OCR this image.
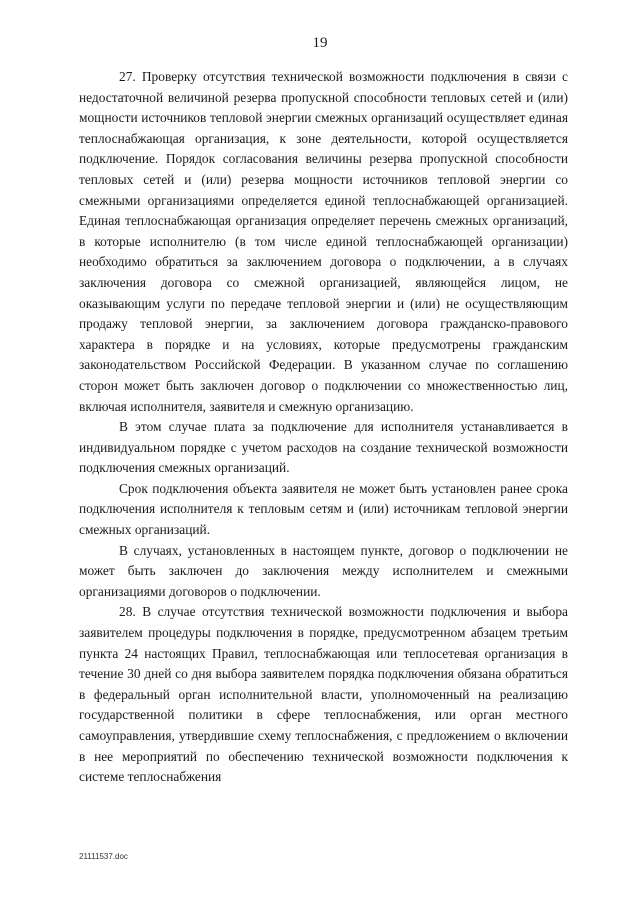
19

27. Проверку отсутствия технической возможности подключения в связи с недостаточной величиной резерва пропускной способности тепловых сетей и (или) мощности источников тепловой энергии смежных организаций осуществляет единая теплоснабжающая организация, к зоне деятельности, которой осуществляется подключение. Порядок согласования величины резерва пропускной способности тепловых сетей и (или) резерва мощности источников тепловой энергии со смежными организациями определяется единой теплоснабжающей организацией. Единая теплоснабжающая организация определяет перечень смежных организаций, в которые исполнителю (в том числе единой теплоснабжающей организации) необходимо обратиться за заключением договора о подключении, а в случаях заключения договора со смежной организацией, являющейся лицом, не оказывающим услуги по передаче тепловой энергии и (или) не осуществляющим продажу тепловой энергии, за заключением договора гражданско-правового характера в порядке и на условиях, которые предусмотрены гражданским законодательством Российской Федерации. В указанном случае по соглашению сторон может быть заключен договор о подключении со множественностью лиц, включая исполнителя, заявителя и смежную организацию.

В этом случае плата за подключение для исполнителя устанавливается в индивидуальном порядке с учетом расходов на создание технической возможности подключения смежных организаций.

Срок подключения объекта заявителя не может быть установлен ранее срока подключения исполнителя к тепловым сетям и (или) источникам тепловой энергии смежных организаций.

В случаях, установленных в настоящем пункте, договор о подключении не может быть заключен до заключения между исполнителем и смежными организациями договоров о подключении.

28. В случае отсутствия технической возможности подключения и выбора заявителем процедуры подключения в порядке, предусмотренном абзацем третьим пункта 24 настоящих Правил, теплоснабжающая или теплосетевая организация в течение 30 дней со дня выбора заявителем порядка подключения обязана обратиться в федеральный орган исполнительной власти, уполномоченный на реализацию государственной политики в сфере теплоснабжения, или орган местного самоуправления, утвердившие схему теплоснабжения, с предложением о включении в нее мероприятий по обеспечению технической возможности подключения к системе теплоснабжения

21111537.doc
